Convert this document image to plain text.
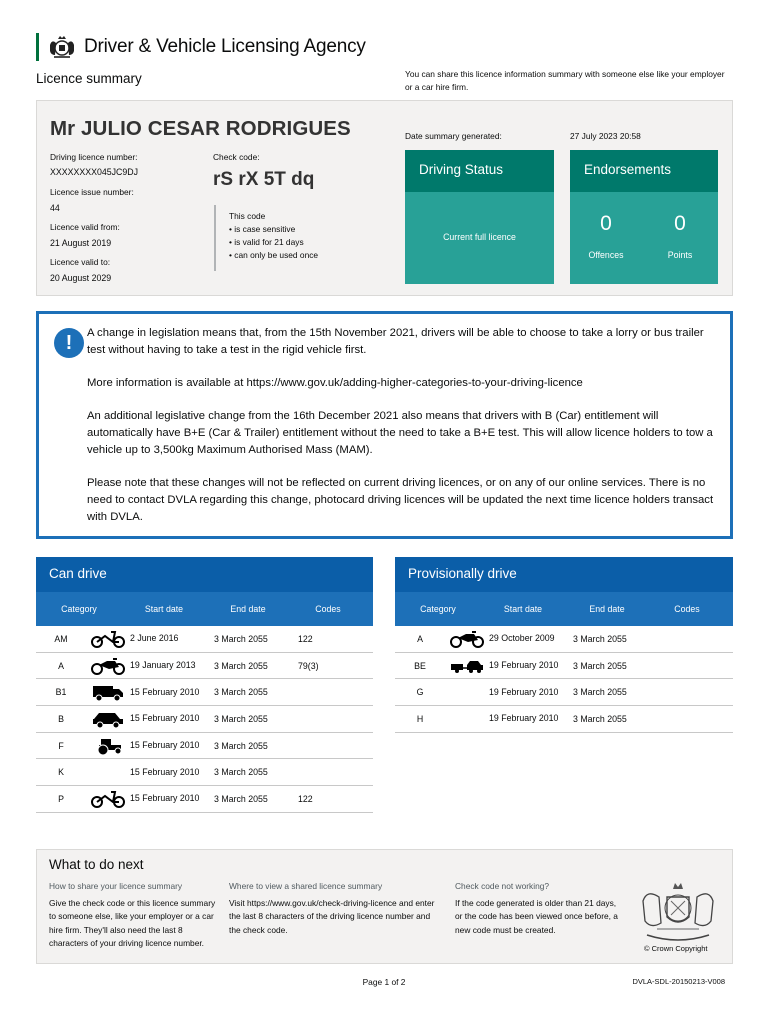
Driver & Vehicle Licensing Agency
Licence summary	You can share this licence information summary with someone else like your employer or a car hire firm.
Mr JULIO CESAR RODRIGUES
Driving licence number:
XXXXXXXX045JC9DJ
Licence issue number:
44
Licence valid from:
21 August 2019
Licence valid to:
20 August 2029
Check code:
rS rX 5T dq
This code
• is case sensitive
• is valid for 21 days
• can only be used once
Date summary generated:	27 July 2023 20:58
Driving Status
Current full licence
Endorsements
0
Offences
0
Points
!	A change in legislation means that, from the 15th November 2021, drivers will be able to choose to take a lorry or bus trailer test without having to take a test in the rigid vehicle first.

More information is available at https://www.gov.uk/adding-higher-categories-to-your-driving-licence

An additional legislative change from the 16th December 2021 also means that drivers with B (Car) entitlement will automatically have B+E (Car & Trailer) entitlement without the need to take a B+E test. This will allow licence holders to tow a vehicle up to 3,500kg Maximum Authorised Mass (MAM).

Please note that these changes will not be reflected on current driving licences, or on any of our online services. There is no need to contact DVLA regarding this change, photocard driving licences will be updated the next time licence holders transact with DVLA.

Can drive
Category	Start date	End date	Codes
AM	2 June 2016	3 March 2055	122
A	19 January 2013	3 March 2055	79(3)
B1	15 February 2010	3 March 2055
B	15 February 2010	3 March 2055
F	15 February 2010	3 March 2055
K	15 February 2010	3 March 2055
P	15 February 2010	3 March 2055	122
Provisionally drive
Category	Start date	End date	Codes
A	29 October 2009	3 March 2055
BE	19 February 2010	3 March 2055
G	19 February 2010	3 March 2055
H	19 February 2010	3 March 2055
What to do next
How to share your licence summary
Give the check code or this licence summary to someone else, like your employer or a car hire firm. They'll also need the last 8 characters of your driving licence number.
Where to view a shared licence summary
Visit https://www.gov.uk/check-driving-licence and enter the last 8 characters of the driving licence number and the check code.
Check code not working?
If the code generated is older than 21 days, or the code has been viewed once before, a new code must be created.
© Crown Copyright
Page 1 of 2	DVLA-SDL-20150213-V008
